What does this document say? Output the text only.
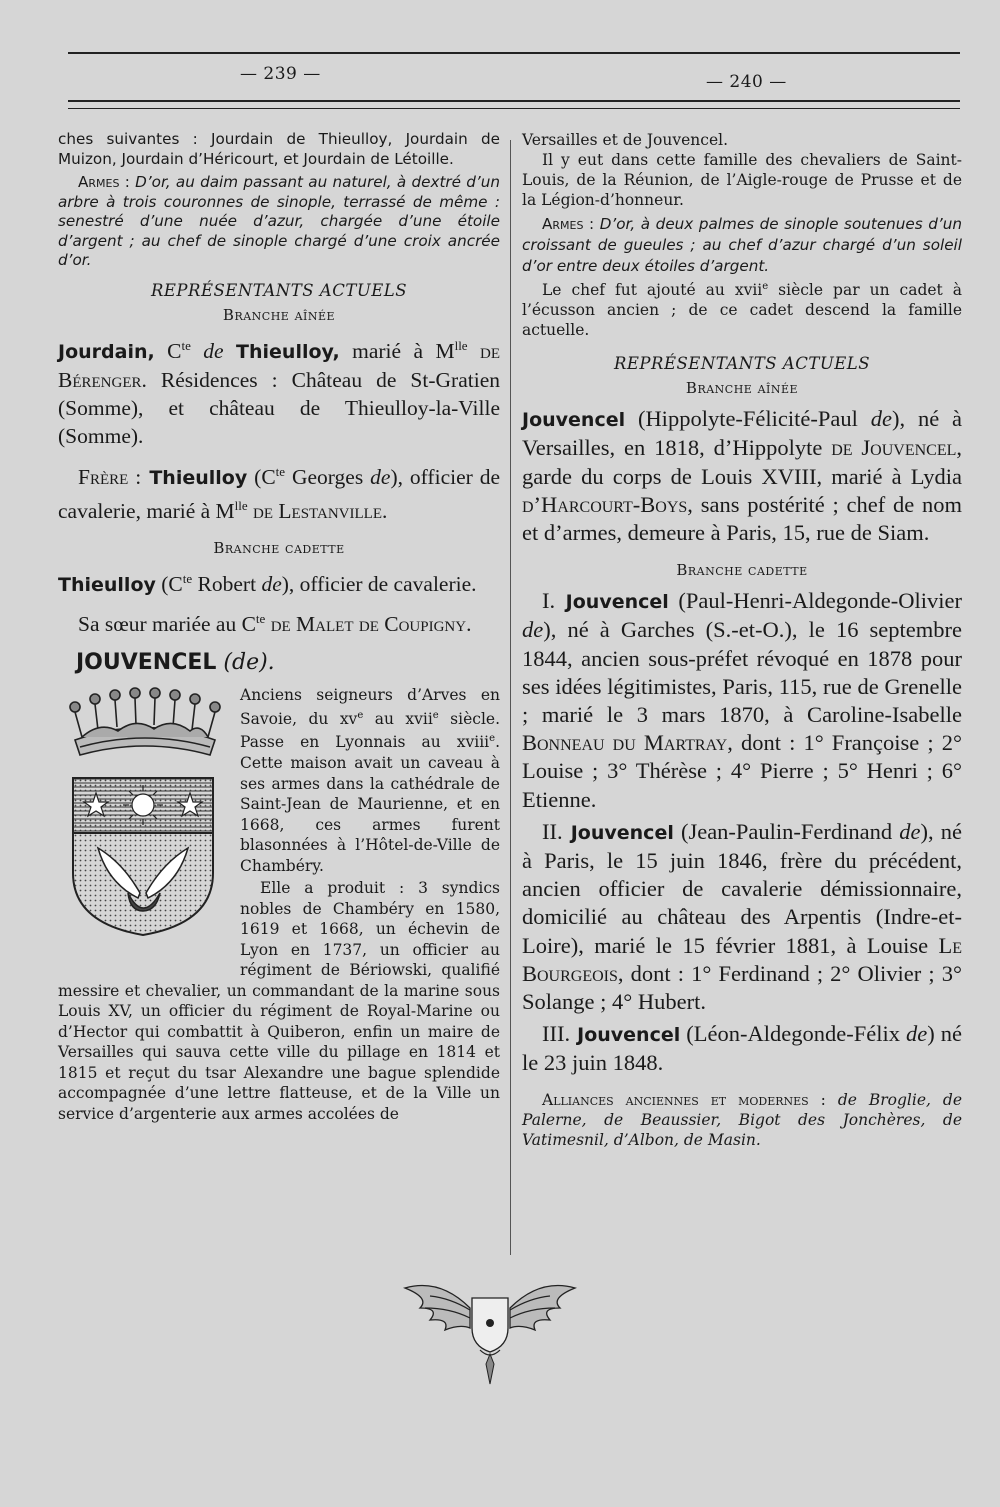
— 239 —	— 240 —

ches suivantes : Jourdain de Thieulloy, Jourdain de Muizon, Jourdain d’Héricourt, et Jourdain de Létoille.

Armes : D’or, au daim passant au naturel, à dextré d’un arbre à trois couronnes de sinople, terrassé de même : senestré d’une nuée d’azur, chargée d’une étoile d’argent ; au chef de sinople chargé d’une croix ancrée d’or.

REPRÉSENTANTS ACTUELS
Branche aînée

Jourdain, $C^{te}$ de Thieulloy, marié à $M^{lle}$ de Bérenger. Résidences : Château de St-Gratien (Somme), et château de Thieulloy-la-Ville (Somme).

Frère : Thieulloy ($C^{te}$ Georges de), officier de cavalerie, marié à $M^{lle}$ de Lestanville.

Branche cadette

Thieulloy ($C^{te}$ Robert de), officier de cavalerie.

Sa sœur mariée au $C^{te}$ de Malet de Coupigny.

JOUVENCEL (de).

Anciens seigneurs d’Arves en Savoie, du $xv^e$ au xvii$^e$ siècle. Passe en Lyonnais au xviii$^e$. Cette maison avait un caveau à ses armes dans la cathédrale de Saint-Jean de Maurienne, et en 1668, ces armes furent blasonnées à l’Hôtel-de-Ville de Chambéry.

Elle a produit : 3 syndics nobles de Chambéry en 1580, 1619 et 1668, un échevin de Lyon en 1737, un officier au régiment de Bériowski, qualifié messire et chevalier, un commandant de la marine sous Louis XV, un officier du régiment de Royal-Marine ou d’Hector qui combattit à Quiberon, enfin un maire de Versailles qui sauva cette ville du pillage en 1814 et 1815 et reçut du tsar Alexandre une bague splendide accompagnée d’une lettre flatteuse, et de la Ville un service d’argenterie aux armes accolées de

Versailles et de Jouvencel.

Il y eut dans cette famille des chevaliers de Saint-Louis, de la Réunion, de l’Aigle-rouge de Prusse et de la Légion-d’honneur.

Armes : D’or, à deux palmes de sinople soutenues d’un croissant de gueules ; au chef d’azur chargé d’un soleil d’or entre deux étoiles d’argent.

Le chef fut ajouté au xvii$^e$ siècle par un cadet à l’écusson ancien ; de ce cadet descend la famille actuelle.

REPRÉSENTANTS ACTUELS
Branche aînée

Jouvencel (Hippolyte-Félicité-Paul de), né à Versailles, en 1818, d’Hippolyte de Jouvencel, garde du corps de Louis XVIII, marié à Lydia d’Harcourt-Boys, sans postérité ; chef de nom et d’armes, demeure à Paris, 15, rue de Siam.

Branche cadette

I. Jouvencel (Paul-Henri-Aldegonde-Olivier de), né à Garches (S.-et-O.), le 16 septembre 1844, ancien sous-préfet révoqué en 1878 pour ses idées légitimistes, Paris, 115, rue de Grenelle ; marié le 3 mars 1870, à Caroline-Isabelle Bonneau du Martray, dont : 1° Françoise ; 2° Louise ; 3° Thérèse ; 4° Pierre ; 5° Henri ; 6° Etienne.

II. Jouvencel (Jean-Paulin-Ferdinand de), né à Paris, le 15 juin 1846, frère du précédent, ancien officier de cavalerie démissionnaire, domicilié au château des Arpentis (Indre-et-Loire), marié le 15 février 1881, à Louise Le Bourgeois, dont : 1° Ferdinand ; 2° Olivier ; 3° Solange ; 4° Hubert.

III. Jouvencel (Léon-Aldegonde-Félix de) né le 23 juin 1848.

Alliances anciennes et modernes : de Broglie, de Palerne, de Beaussier, Bigot des Jonchères, de Vatimesnil, d’Albon, de Masin.
